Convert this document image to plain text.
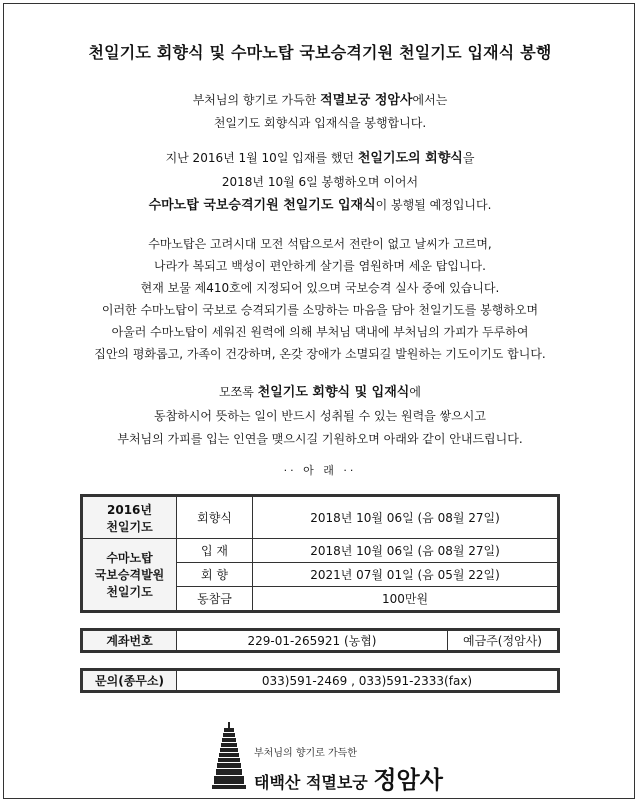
천일기도 회향식 및 수마노탑 국보승격기원 천일기도 입재식 봉행
부처님의 향기로 가득한 적멸보궁 정암사에서는
천일기도 회향식과 입재식을 봉행합니다.
지난 2016년 1월 10일 입재를 했던 천일기도의 회향식을
2018년 10월 6일 봉행하오며 이어서
수마노탑 국보승격기원 천일기도 입재식이 봉행될 예정입니다.
수마노탑은 고려시대 모전 석탑으로서 전란이 없고 날씨가 고르며,
나라가 복되고 백성이 편안하게 살기를 염원하며 세운 탑입니다.
현재 보물 제410호에 지정되어 있으며 국보승격 실사 중에 있습니다.
이러한 수마노탑이 국보로 승격되기를 소망하는 마음을 담아 천일기도를 봉행하오며
아울러 수마노탑이 세워진 원력에 의해 부처님 댁내에 부처님의 가피가 두루하여
집안의 평화롭고, 가족이 건강하며, 온갖 장애가 소멸되길 발원하는 기도이기도 합니다.
모쪼록 천일기도 회향식 및 입재식에
동참하시어 뜻하는 일이 반드시 성취될 수 있는 원력을 쌓으시고
부처님의 가피를 입는 인연을 맺으시길 기원하오며 아래와 같이 안내드립니다.
·· 아 래 ··
2016년
천일기도	회향식	2018년 10월 06일 (음 08월 27일)

수마노탑
국보승격발원
천일기도	입 재	2018년 10월 06일 (음 08월 27일)
	회 향	2021년 07월 01일 (음 05월 22일)
	동참금	100만원
계좌번호	229-01-265921 (농협)	예금주(정암사)
문의(종무소)	033)591-2469 , 033)591-2333(fax)
부처님의 향기로 가득한
태백산 적멸보궁 정암사
